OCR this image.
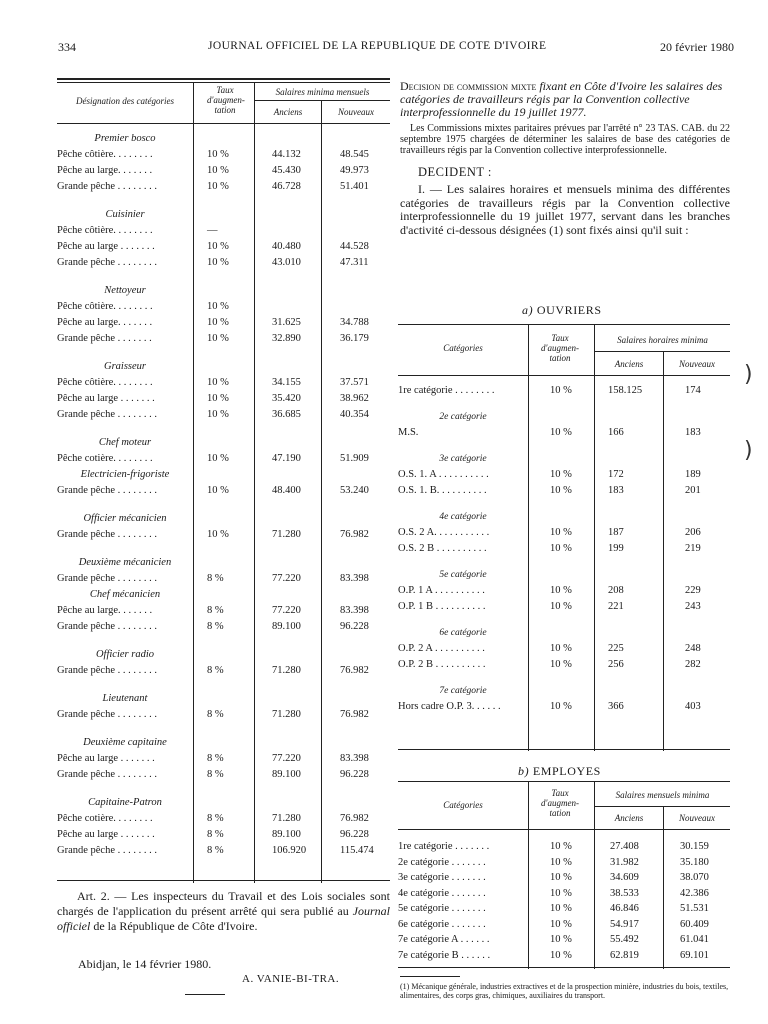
334	JOURNAL OFFICIEL DE LA REPUBLIQUE DE COTE D'IVOIRE	20 février 1980
Désignation des catégories
Taux d'augmen-tation
Salaires minima mensuels
Anciens	Nouveaux
Premier bosco
Pêche côtière. . . . . . . .	10 %	44.132	48.545
Pêche au large. . . . . . .	10 %	45.430	49.973
Grande pêche . . . . . . . .	10 %	46.728	51.401
Cuisinier
Pêche côtière. . . . . . . .	—
Pêche au large . . . . . . .	10 %	40.480	44.528
Grande pêche . . . . . . . .	10 %	43.010	47.311
Nettoyeur
Pêche côtière. . . . . . . .	10 %
Pêche au large. . . . . . .	10 %	31.625	34.788
Grande pêche . . . . . . .	10 %	32.890	36.179
Graisseur
Pêche côtière. . . . . . . .	10 %	34.155	37.571
Pêche au large . . . . . . .	10 %	35.420	38.962
Grande pêche . . . . . . . .	10 %	36.685	40.354
Chef moteur
Pêche cotière. . . . . . . .	10 %	47.190	51.909
Electricien-frigoriste
Grande pêche . . . . . . . .	10 %	48.400	53.240
Officier mécanicien
Grande pêche . . . . . . . .	10 %	71.280	76.982
Deuxième mécanicien
Grande pêche . . . . . . . .	8 %	77.220	83.398
Chef mécanicien
Pêche au large. . . . . . .	8 %	77.220	83.398
Grande pêche . . . . . . . .	8 %	89.100	96.228
Officier radio
Grande pêche . . . . . . . .	8 %	71.280	76.982
Lieutenant
Grande pêche . . . . . . . .	8 %	71.280	76.982
Deuxième capitaine
Pêche au large . . . . . . .	8 %	77.220	83.398
Grande pêche . . . . . . . .	8 %	89.100	96.228
Capitaine-Patron
Pêche cotière. . . . . . . .	8 %	71.280	76.982
Pêche au large . . . . . . .	8 %	89.100	96.228
Grande pêche . . . . . . . .	8 %	106.920	115.474

Art. 2. — Les inspecteurs du Travail et des Lois sociales sont chargés de l'application du présent arrêté qui sera publié au Journal officiel de la République de Côte d'Ivoire.

Abidjan, le 14 février 1980.
A. VANIE-BI-TRA.
Decision de commission mixte fixant en Côte d'Ivoire les salaires des catégories de travailleurs régis par la Convention collective interprofessionnelle du 19 juillet 1977.

Les Commissions mixtes paritaires prévues par l'arrêté n° 23 TAS. CAB. du 22 septembre 1975 chargées de déterminer les salaires de base des catégories de travailleurs régis par la Convention collective interprofessionnelle.

DECIDENT :

I. — Les salaires horaires et mensuels minima des différentes catégories de travailleurs régis par la Convention collective interprofessionnelle du 19 juillet 1977, servant dans les branches d'activité ci-dessous désignées (1) sont fixés ainsi qu'il suit :

a) OUVRIERS
Catégories
Taux d'augmen-tation
Salaires horaires minima
Anciens	Nouveaux
1re catégorie . . . . . . . .	10 %	158.125	174
2e catégorie
M.S.	10 %	166	183
3e catégorie
O.S. 1. A . . . . . . . . . .	10 %	172	189
O.S. 1. B. . . . . . . . . .	10 %	183	201
4e catégorie
O.S. 2 A. . . . . . . . . . .	10 %	187	206
O.S. 2 B . . . . . . . . . .	10 %	199	219
5e catégorie
O.P. 1 A . . . . . . . . . .	10 %	208	229
O.P. 1 B . . . . . . . . . .	10 %	221	243
6e catégorie
O.P. 2 A . . . . . . . . . .	10 %	225	248
O.P. 2 B . . . . . . . . . .	10 %	256	282
7e catégorie
Hors cadre O.P. 3. . . . . .	10 %	366	403
b) EMPLOYES
Catégories
Taux d'augmen-tation
Salaires mensuels minima
Anciens	Nouveaux
1re catégorie . . . . . . .	10 %	27.408	30.159
2e catégorie . . . . . . .	10 %	31.982	35.180
3e catégorie . . . . . . .	10 %	34.609	38.070
4e catégorie . . . . . . .	10 %	38.533	42.386
5e catégorie . . . . . . .	10 %	46.846	51.531
6e catégorie . . . . . . .	10 %	54.917	60.409
7e catégorie A . . . . . .	10 %	55.492	61.041
7e catégorie B . . . . . .	10 %	62.819	69.101
(1) Mécanique générale, industries extractives et de la prospection minière, industries du bois, textiles, alimentaires, des corps gras, chimiques, auxiliaires du transport.
)
)
